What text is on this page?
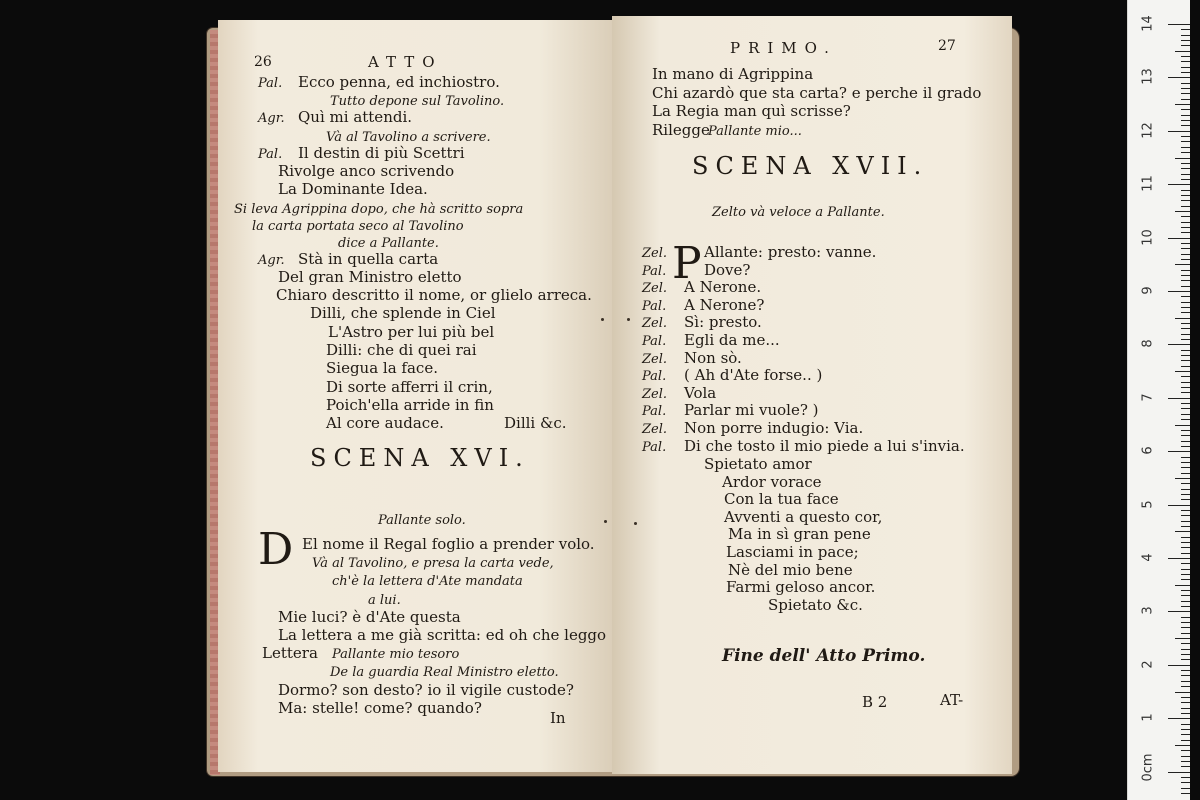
26	ATTO
Pal. Ecco penna, ed inchiostro.
Tutto depone sul Tavolino.
Agr. Quì mi attendi.
Và al Tavolino a scrivere.
Pal. Il destin di più Scettri
Rivolge anco scrivendo
La Dominante Idea.
Si leva Agrippina dopo, che hà scritto sopra
la carta portata seco al Tavolino
dice a Pallante.
Agr. Stà in quella carta
Del gran Ministro eletto
Chiaro descritto il nome, or glielo arreca.
Dilli, che splende in Ciel
L'Astro per lui più bel
Dilli: che di quei rai
Siegua la face.
Di sorte afferri il crin,
Poich'ella arride in fin
Al core audace.	Dilli &c.
SCENA XVI.
Pallante solo.
D El nome il Regal foglio a prender volo.
Và al Tavolino, e presa la carta vede,
ch'è la lettera d'Ate mandata
a lui.
Mie luci? è d'Ate questa
La lettera a me già scritta: ed oh che leggo
Lettera Pallante mio tesoro
De la guardia Real Ministro eletto.
Dormo? son desto? io il vigile custode?
Ma: stelle! come? quando?
In
PRIMO.	27
In mano di Agrippina
Chi azardò que sta carta? e perche il grado
La Regia man quì scrisse?
Rilegge
Pallante mio...
SCENA XVII.
Zelto và veloce a Pallante.
P
Zel. Allante: presto: vanne.
Pal.	Dove?
Zel. A Nerone.
Pal. A Nerone?
Zel. Sì: presto.
Pal. Egli da me...
Zel. Non sò.
Pal. ( Ah d'Ate forse.. )
Zel. Vola
Pal. Parlar mi vuole? )
Zel. Non porre indugio: Via.
Pal. Di che tosto il mio piede a lui s'invia.
Spietato amor
Ardor vorace
Con la tua face
Avventi a questo cor,
Ma in sì gran pene
Lasciami in pace;
Nè del mio bene
Farmi geloso ancor.
Spietato &c.
Fine dell' Atto Primo.
B 2	AT-
14
13
12
11
10
9
8
7
6
5
4
3
2
1
0cm
